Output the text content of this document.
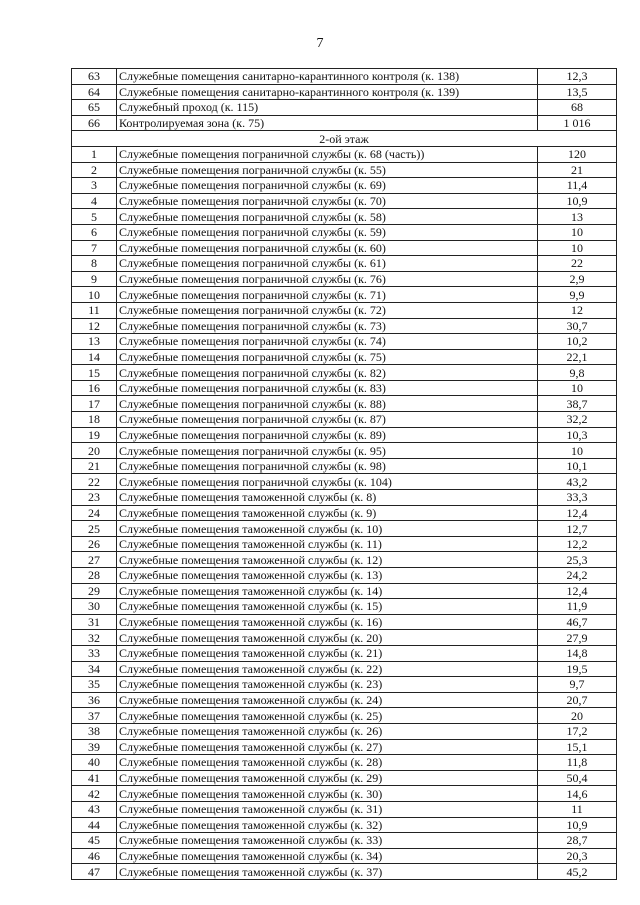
7
63	Служебные помещения санитарно-карантинного контроля (к. 138)	12,3
64	Служебные помещения санитарно-карантинного контроля (к. 139)	13,5
65	Служебный проход (к. 115)	68
66	Контролируемая зона (к. 75)	1 016
2-ой этаж		
1	Служебные помещения пограничной службы (к. 68 (часть))	120
2	Служебные помещения пограничной службы (к. 55)	21
3	Служебные помещения пограничной службы (к. 69)	11,4
4	Служебные помещения пограничной службы (к. 70)	10,9
5	Служебные помещения пограничной службы (к. 58)	13
6	Служебные помещения пограничной службы (к. 59)	10
7	Служебные помещения пограничной службы (к. 60)	10
8	Служебные помещения пограничной службы (к. 61)	22
9	Служебные помещения пограничной службы (к. 76)	2,9
10	Служебные помещения пограничной службы (к. 71)	9,9
11	Служебные помещения пограничной службы (к. 72)	12
12	Служебные помещения пограничной службы (к. 73)	30,7
13	Служебные помещения пограничной службы (к. 74)	10,2
14	Служебные помещения пограничной службы (к. 75)	22,1
15	Служебные помещения пограничной службы (к. 82)	9,8
16	Служебные помещения пограничной службы (к. 83)	10
17	Служебные помещения пограничной службы (к. 88)	38,7
18	Служебные помещения пограничной службы (к. 87)	32,2
19	Служебные помещения пограничной службы (к. 89)	10,3
20	Служебные помещения пограничной службы (к. 95)	10
21	Служебные помещения пограничной службы (к. 98)	10,1
22	Служебные помещения пограничной службы (к. 104)	43,2
23	Служебные помещения таможенной службы (к. 8)	33,3
24	Служебные помещения таможенной службы (к. 9)	12,4
25	Служебные помещения таможенной службы (к. 10)	12,7
26	Служебные помещения таможенной службы (к. 11)	12,2
27	Служебные помещения таможенной службы (к. 12)	25,3
28	Служебные помещения таможенной службы (к. 13)	24,2
29	Служебные помещения таможенной службы (к. 14)	12,4
30	Служебные помещения таможенной службы (к. 15)	11,9
31	Служебные помещения таможенной службы (к. 16)	46,7
32	Служебные помещения таможенной службы (к. 20)	27,9
33	Служебные помещения таможенной службы (к. 21)	14,8
34	Служебные помещения таможенной службы (к. 22)	19,5
35	Служебные помещения таможенной службы (к. 23)	9,7
36	Служебные помещения таможенной службы (к. 24)	20,7
37	Служебные помещения таможенной службы (к. 25)	20
38	Служебные помещения таможенной службы (к. 26)	17,2
39	Служебные помещения таможенной службы (к. 27)	15,1
40	Служебные помещения таможенной службы (к. 28)	11,8
41	Служебные помещения таможенной службы (к. 29)	50,4
42	Служебные помещения таможенной службы (к. 30)	14,6
43	Служебные помещения таможенной службы (к. 31)	11
44	Служебные помещения таможенной службы (к. 32)	10,9
45	Служебные помещения таможенной службы (к. 33)	28,7
46	Служебные помещения таможенной службы (к. 34)	20,3
47	Служебные помещения таможенной службы (к. 37)	45,2
